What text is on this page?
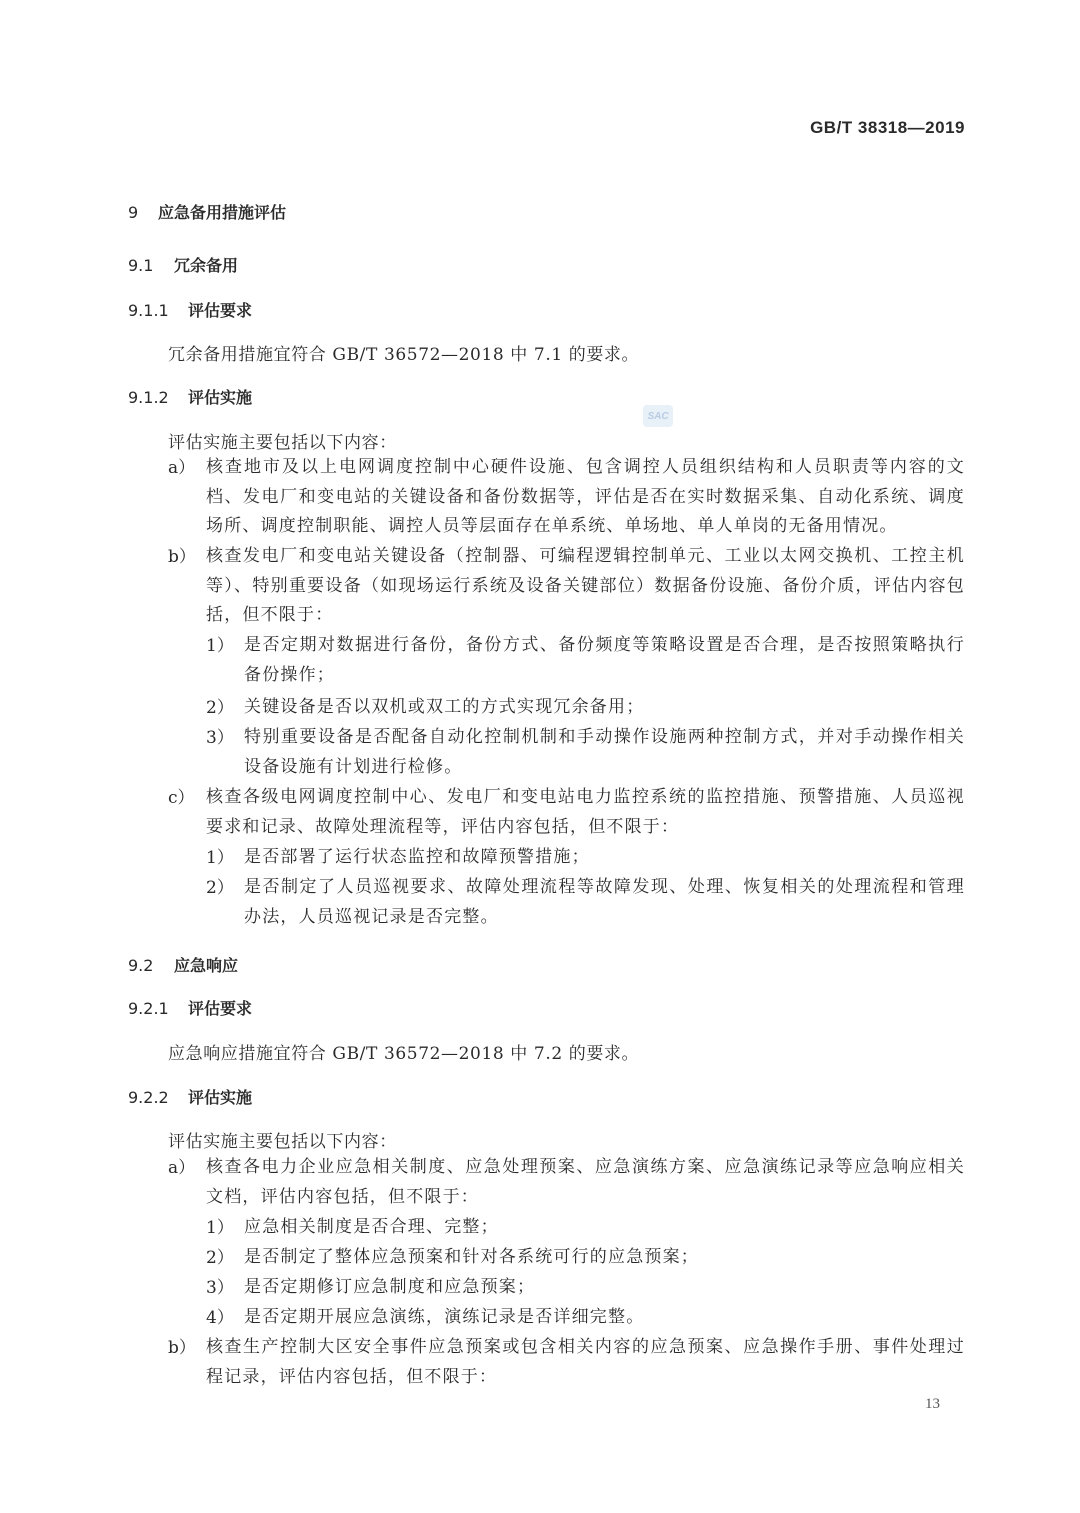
GB/T 38318—2019
SAC
9 应急备用措施评估
9.1 冗余备用
9.1.1 评估要求
冗余备用措施宜符合 GB/T 36572—2018 中 7.1 的要求。
9.1.2 评估实施
评估实施主要包括以下内容：
a） 核查地市及以上电网调度控制中心硬件设施、包含调控人员组织结构和人员职责等内容的文档、发电厂和变电站的关键设备和备份数据等，评估是否在实时数据采集、自动化系统、调度场所、调度控制职能、调控人员等层面存在单系统、单场地、单人单岗的无备用情况。
b） 核查发电厂和变电站关键设备（控制器、可编程逻辑控制单元、工业以太网交换机、工控主机等）、特别重要设备（如现场运行系统及设备关键部位）数据备份设施、备份介质，评估内容包括，但不限于：
1） 是否定期对数据进行备份，备份方式、备份频度等策略设置是否合理，是否按照策略执行备份操作；
2） 关键设备是否以双机或双工的方式实现冗余备用；
3） 特别重要设备是否配备自动化控制机制和手动操作设施两种控制方式，并对手动操作相关设备设施有计划进行检修。
c） 核查各级电网调度控制中心、发电厂和变电站电力监控系统的监控措施、预警措施、人员巡视要求和记录、故障处理流程等，评估内容包括，但不限于：
1） 是否部署了运行状态监控和故障预警措施；
2） 是否制定了人员巡视要求、故障处理流程等故障发现、处理、恢复相关的处理流程和管理办法，人员巡视记录是否完整。
9.2 应急响应
9.2.1 评估要求
应急响应措施宜符合 GB/T 36572—2018 中 7.2 的要求。
9.2.2 评估实施
评估实施主要包括以下内容：
a） 核查各电力企业应急相关制度、应急处理预案、应急演练方案、应急演练记录等应急响应相关文档，评估内容包括，但不限于：
1） 应急相关制度是否合理、完整；
2） 是否制定了整体应急预案和针对各系统可行的应急预案；
3） 是否定期修订应急制度和应急预案；
4） 是否定期开展应急演练，演练记录是否详细完整。
b） 核查生产控制大区安全事件应急预案或包含相关内容的应急预案、应急操作手册、事件处理过程记录，评估内容包括，但不限于：
13
